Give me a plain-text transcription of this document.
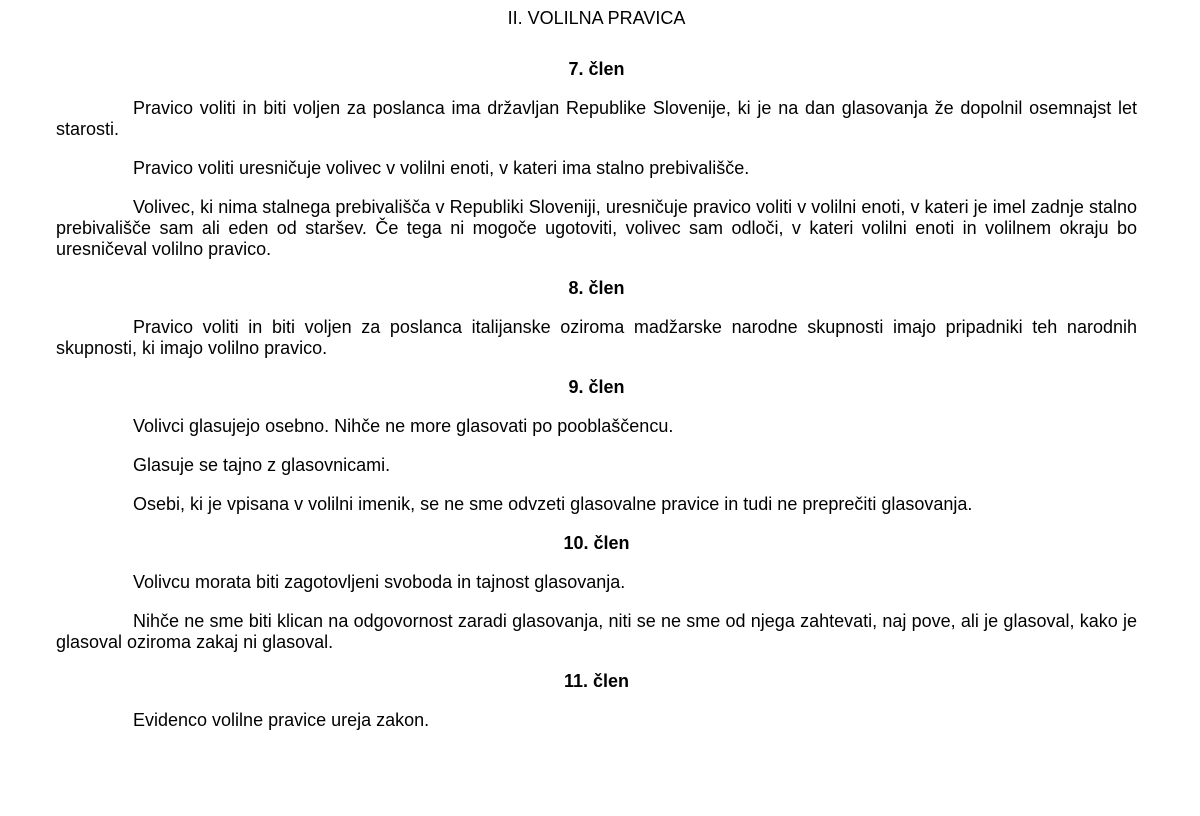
II. VOLILNA PRAVICA
7. člen

Pravico voliti in biti voljen za poslanca ima državljan Republike Slovenije, ki je na dan glasovanja že dopolnil osemnajst let starosti.

Pravico voliti uresničuje volivec v volilni enoti, v kateri ima stalno prebivališče.

Volivec, ki nima stalnega prebivališča v Republiki Sloveniji, uresničuje pravico voliti v volilni enoti, v kateri je imel zadnje stalno prebivališče sam ali eden od staršev. Če tega ni mogoče ugotoviti, volivec sam odloči, v kateri volilni enoti in volilnem okraju bo uresničeval volilno pravico.

8. člen

Pravico voliti in biti voljen za poslanca italijanske oziroma madžarske narodne skupnosti imajo pripadniki teh narodnih skupnosti, ki imajo volilno pravico.

9. člen

Volivci glasujejo osebno. Nihče ne more glasovati po pooblaščencu.

Glasuje se tajno z glasovnicami.

Osebi, ki je vpisana v volilni imenik, se ne sme odvzeti glasovalne pravice in tudi ne preprečiti glasovanja.

10. člen

Volivcu morata biti zagotovljeni svoboda in tajnost glasovanja.

Nihče ne sme biti klican na odgovornost zaradi glasovanja, niti se ne sme od njega zahtevati, naj pove, ali je glasoval, kako je glasoval oziroma zakaj ni glasoval.

11. člen

Evidenco volilne pravice ureja zakon.
